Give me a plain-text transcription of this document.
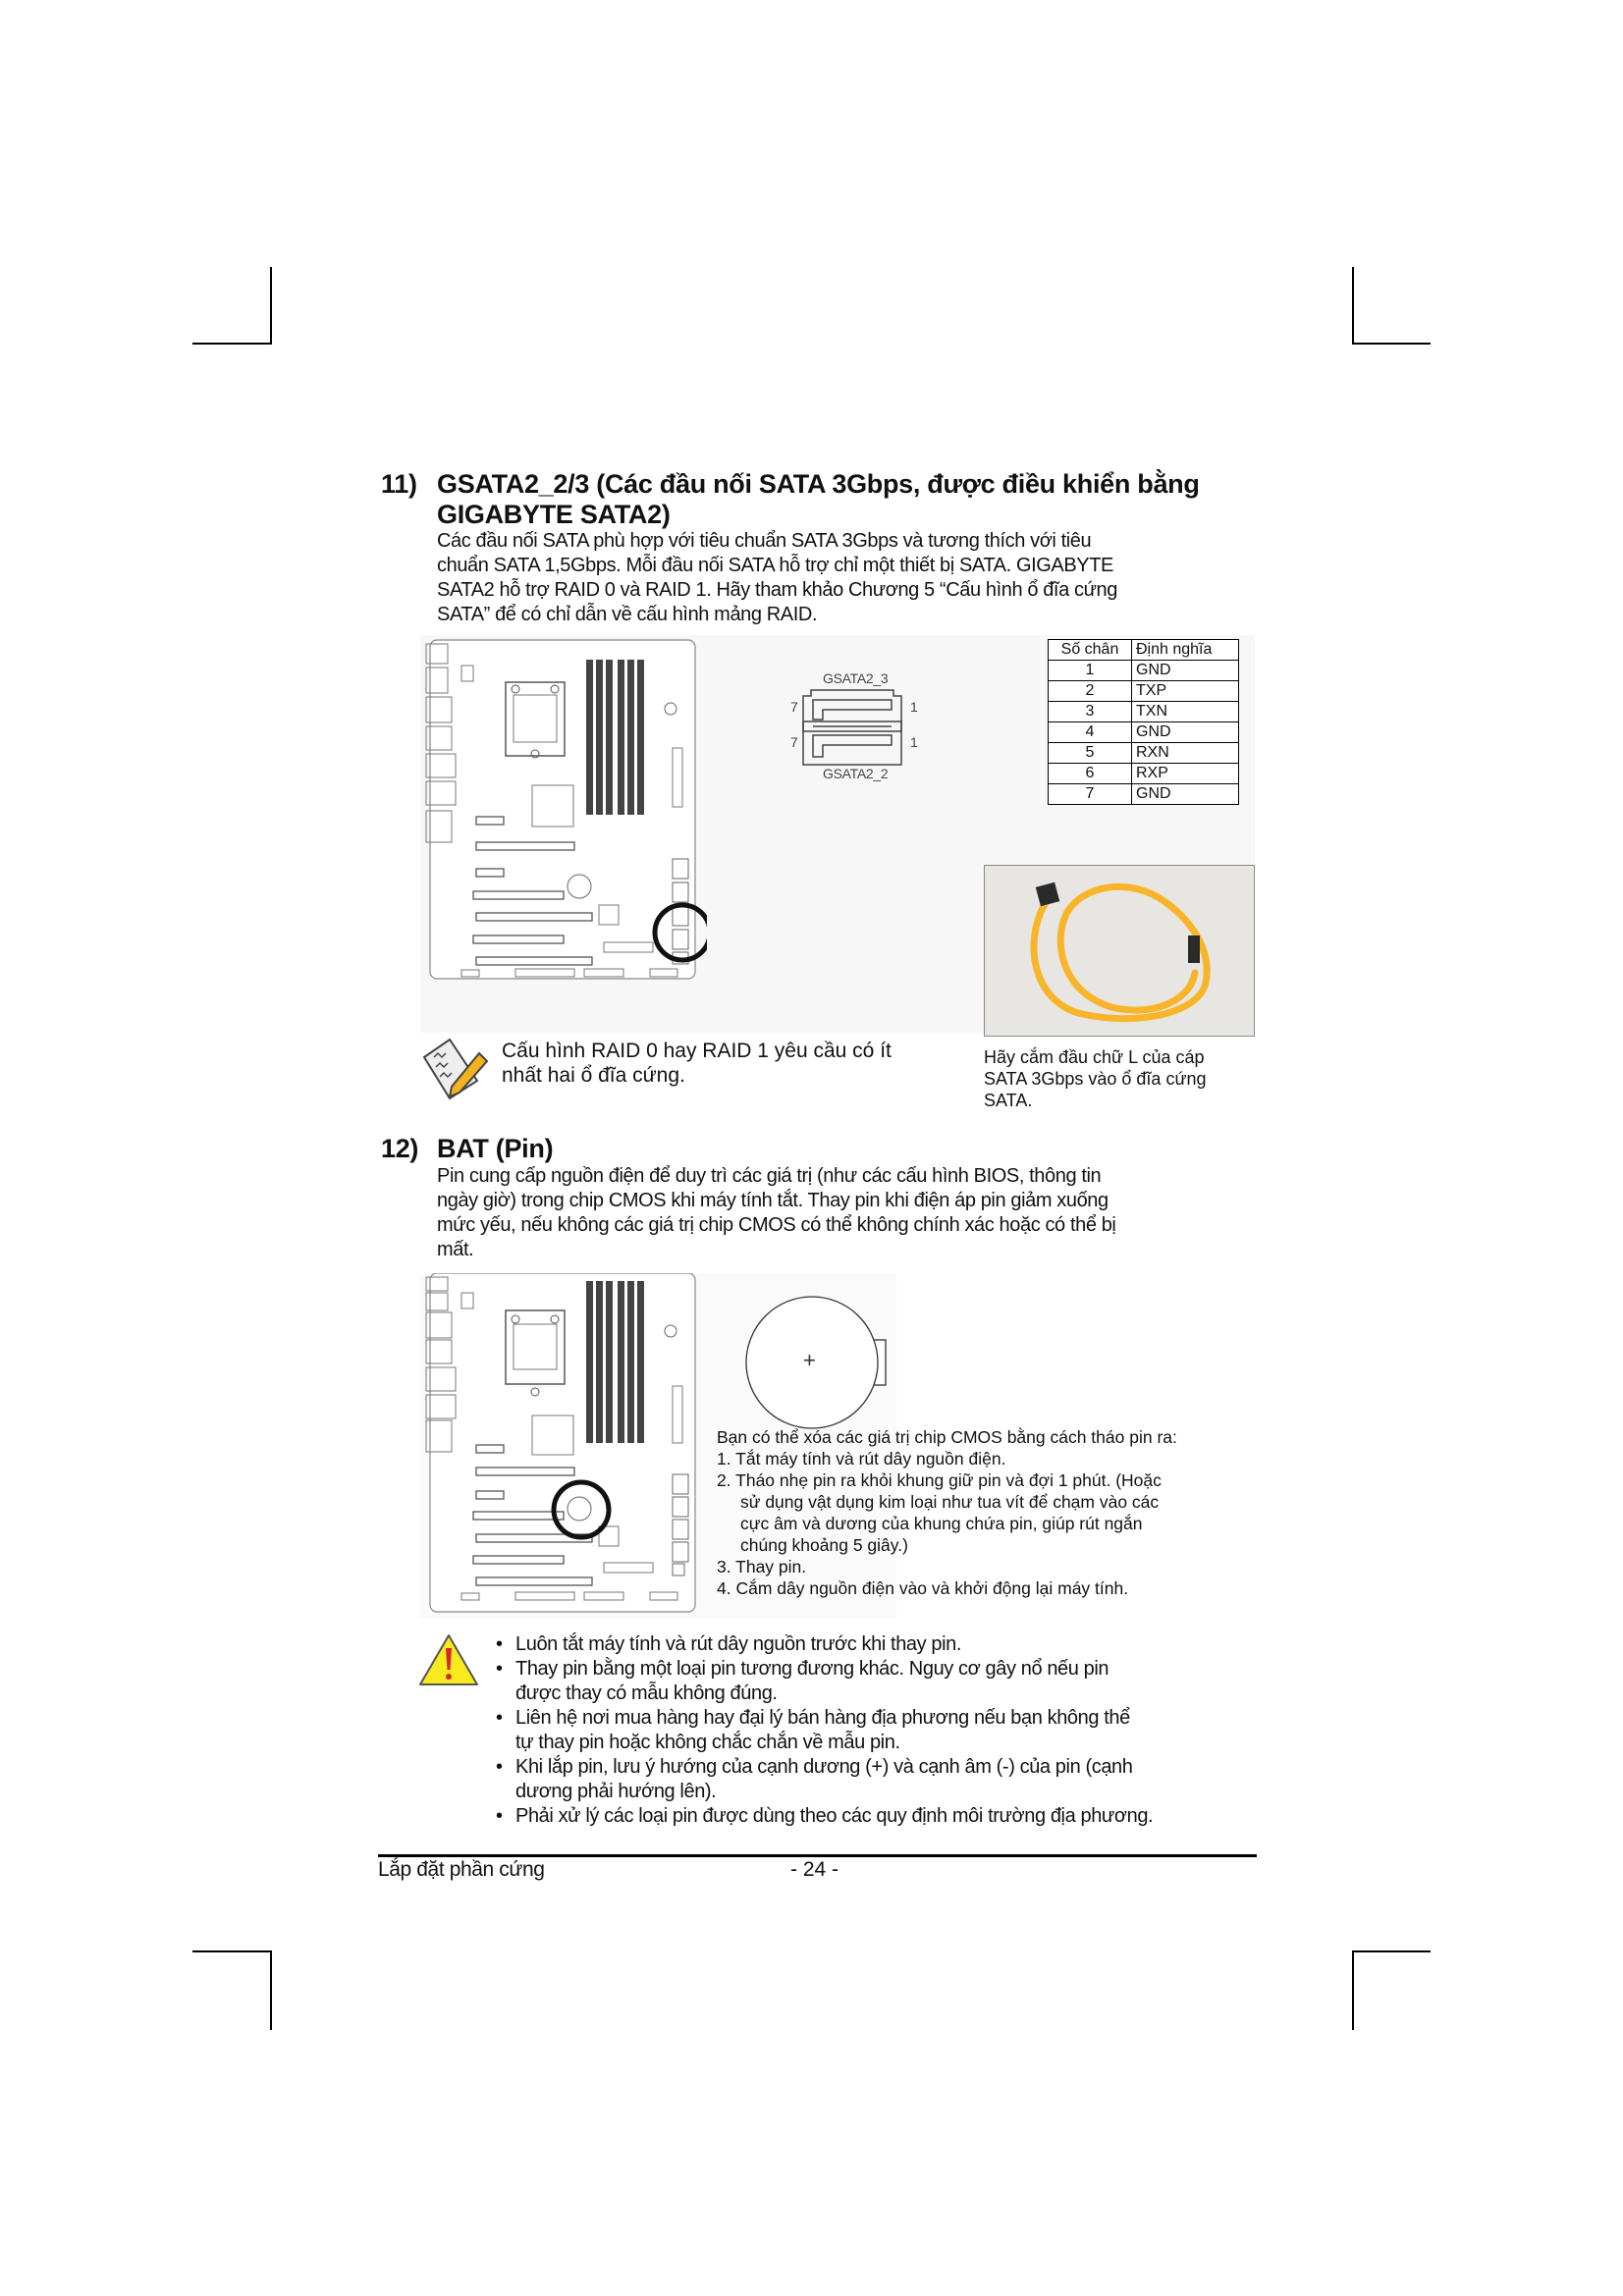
11) GSATA2_2/3 (Các đầu nối SATA 3Gbps, được điều khiển bằng
GIGABYTE SATA2)
Các đầu nối SATA phù hợp với tiêu chuẩn SATA 3Gbps và tương thích với tiêu
chuẩn SATA 1,5Gbps. Mỗi đầu nối SATA hỗ trợ chỉ một thiết bị SATA. GIGABYTE
SATA2 hỗ trợ RAID 0 và RAID 1. Hãy tham khảo Chương 5 “Cấu hình ổ đĩa cứng
SATA” để có chỉ dẫn về cấu hình mảng RAID.
GSATA2_3
7	1
7	1
GSATA2_2
Số chân	Định nghĩa
1	GND
2	TXP
3	TXN
4	GND
5	RXN
6	RXP
7	GND
Cấu hình RAID 0 hay RAID 1 yêu cầu có ít
nhất hai ổ đĩa cứng.
Hãy cắm đầu chữ L của cáp
SATA 3Gbps vào ổ đĩa cứng
SATA.
12) BAT (Pin)
Pin cung cấp nguồn điện để duy trì các giá trị (như các cấu hình BIOS, thông tin
ngày giờ) trong chip CMOS khi máy tính tắt. Thay pin khi điện áp pin giảm xuống
mức yếu, nếu không các giá trị chip CMOS có thể không chính xác hoặc có thể bị
mất.
+
Bạn có thể xóa các giá trị chip CMOS bằng cách tháo pin ra:
1. Tắt máy tính và rút dây nguồn điện.
2. Tháo nhẹ pin ra khỏi khung giữ pin và đợi 1 phút. (Hoặc
sử dụng vật dụng kim loại như tua vít để chạm vào các
cực âm và dương của khung chứa pin, giúp rút ngắn
chúng khoảng 5 giây.)
3. Thay pin.
4. Cắm dây nguồn điện vào và khởi động lại máy tính.
• Luôn tắt máy tính và rút dây nguồn trước khi thay pin.
• Thay pin bằng một loại pin tương đương khác. Nguy cơ gây nổ nếu pin
được thay có mẫu không đúng.
• Liên hệ nơi mua hàng hay đại lý bán hàng địa phương nếu bạn không thể
tự thay pin hoặc không chắc chắn về mẫu pin.
• Khi lắp pin, lưu ý hướng của cạnh dương (+) và cạnh âm (-) của pin (cạnh
dương phải hướng lên).
• Phải xử lý các loại pin được dùng theo các quy định môi trường địa phương.
Lắp đặt phần cứng	- 24 -
